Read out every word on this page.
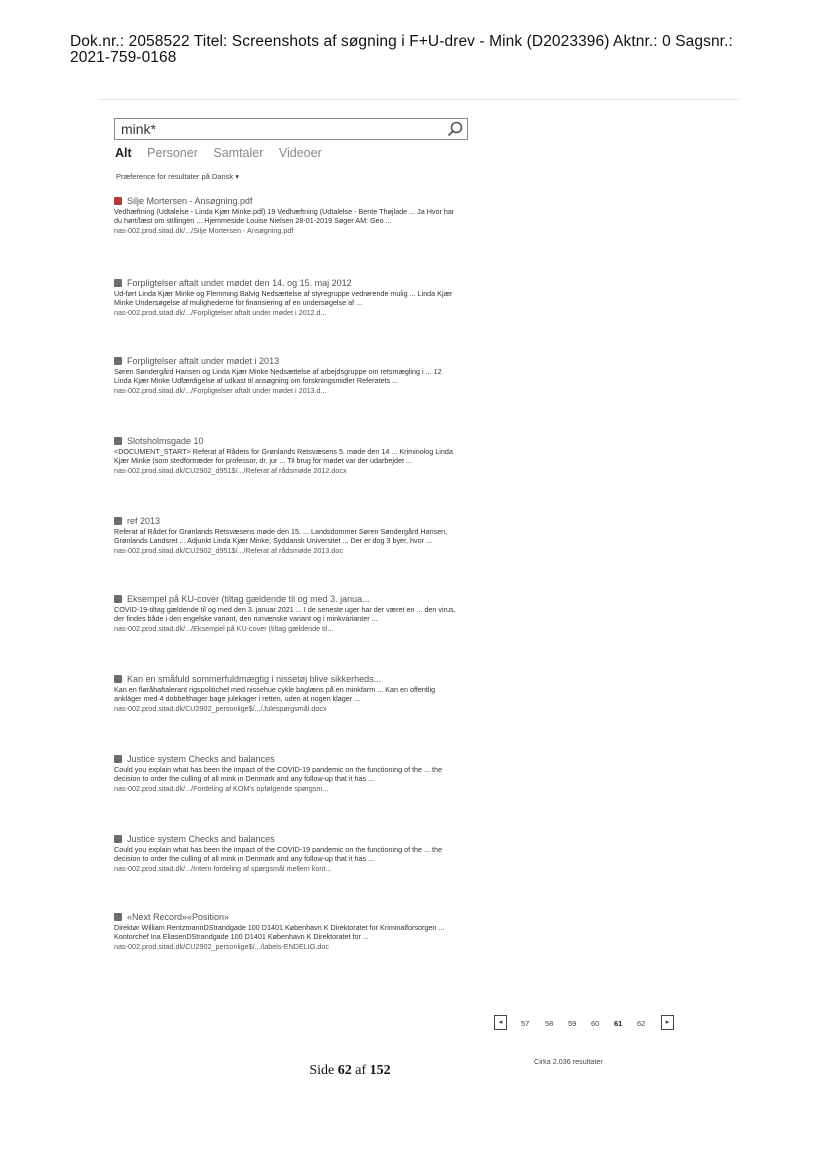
Dok.nr.: 2058522 Titel: Screenshots af søgning i F+U-drev - Mink (D2023396) Aktnr.: 0 Sagsnr.:
2021-759-0168
mink*
Alt Personer Samtaler Videoer
Præference for resultater på Dansk ▾
Silje Mortersen - Ansøgning.pdf
Vedhæftning (Udtalelse - Linda Kjær Minke.pdf) 19 Vedhæftning (Udtalelse - Bente Thøjlade ... Ja Hvor har du hørt/læst om stillingen ... Hjemmeside Louise Nielsen 28-01-2019 Søger AM: Geo ...
nas-002.prod.sitad.dk/.../Silje Mortersen - Ansøgning.pdf
Forpligtelser aftalt under mødet den 14. og 15. maj 2012
Ud-ført Linda Kjær Minke og Flemming Balvig Nedsættelse af styregruppe vedrørende mulig ... Linda Kjær Minke Undersøgelse af mulighederne for finansiering af en undersøgelse af ...
nas-002.prod.sitad.dk/.../Forpligtelser aftalt under mødet i 2012.d...
Forpligtelser aftalt under mødet i 2013
Søren Søndergård Hansen og Linda Kjær Minke Nedsættelse af arbejdsgruppe om retsmægling i ... 12 Linda Kjær Minke Udfærdigelse af udkast til ansøgning om forskningsmidler Referatets ...
nas-002.prod.sitad.dk/.../Forpligtelser aftalt under mødet i 2013.d...
Slotsholmsgade 10
<DOCUMENT_START> Referat af Rådets for Grønlands Retsvæsens 5. møde den 14 ... Kriminolog Linda Kjær Minke (som stedfortræder for professor, dr. jur ... Til brug for mødet var der udarbejdet ...
nas-002.prod.sitad.dk/CU2902_d951$/.../Referat af rådsmøde 2012.docx
ref 2013
Referat af Rådet for Grønlands Retsvæsens møde den 15. ... Landsdommer Søren Søndergård Hansen, Grønlands Landsret ... Adjunkt Linda Kjær Minke, Syddansk Universitet ... Der er dog 3 byer, hvor ...
nas-002.prod.sitad.dk/CU2902_d951$/.../Referat af rådsmøde 2013.doc
Eksempel på KU-cover (tiltag gældende til og med 3. janua...
COVID-19-tiltag gældende til og med den 3. januar 2021 ... I de seneste uger har der været en ... den virus, der findes både i den engelske variant, den rumænske variant og i minkvarianter ...
nas-002.prod.sitad.dk/.../Eksempel på KU-cover (tiltag gældende til...
Kan en småfuld sommerfuldmægtig i nissetøj blive sikkerheds...
Kan en fløråhaftalerant rigspolitichef med nissehue cykle baglæns på en minkfarm ... Kan en offentlig ankläger med 4 dobbelthager bage julekager i retten, uden at nogen klager ...
nas-002.prod.sitad.dk/CU2902_personlige$/.../Julespørgsmål.docx
Justice system Checks and balances
Could you explain what has been the impact of the COVID-19 pandemic on the functioning of the ... the decision to order the culling of all mink in Denmark and any follow-up that it has ...
nas-002.prod.sitad.dk/.../Fordeling af KOM's opfølgende spørgsm...
Justice system Checks and balances
Could you explain what has been the impact of the COVID-19 pandemic on the functioning of the ... the decision to order the culling of all mink in Denmark and any follow-up that it has ...
nas-002.prod.sitad.dk/.../Intern fordeling af spørgsmål mellem kont...
«Next Record»«Position»
Direktør William RentzmannDStrandgade 100 D1401 København K Direktoratet for Kriminalforsorgen ... Kontorchef Ina EliasenDStrandgade 100 D1401 København K Direktoratet for ...
nas-002.prod.sitad.dk/CU2902_personlige$/.../labels-ENDELIG.doc
◂	57 58 59 60 61 62	▸
Cirka 2.036 resultater
Side 62 af 152
